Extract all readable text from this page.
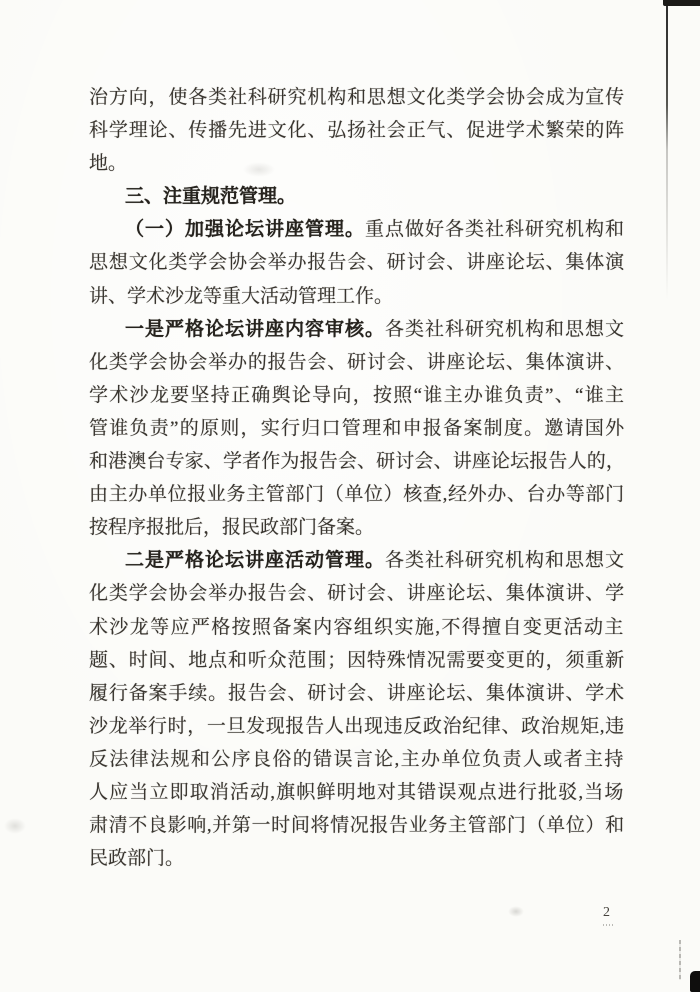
治方向，使各类社科研究机构和思想文化类学会协会成为宣传
科学理论、传播先进文化、弘扬社会正气、促进学术繁荣的阵
地。
三、注重规范管理。
（一）加强论坛讲座管理。重点做好各类社科研究机构和
思想文化类学会协会举办报告会、研讨会、讲座论坛、集体演
讲、学术沙龙等重大活动管理工作。
一是严格论坛讲座内容审核。各类社科研究机构和思想文
化类学会协会举办的报告会、研讨会、讲座论坛、集体演讲、
学术沙龙要坚持正确舆论导向，按照“谁主办谁负责”、“谁主
管谁负责”的原则，实行归口管理和申报备案制度。邀请国外
和港澳台专家、学者作为报告会、研讨会、讲座论坛报告人的，
由主办单位报业务主管部门（单位）核查,经外办、台办等部门
按程序报批后，报民政部门备案。
二是严格论坛讲座活动管理。各类社科研究机构和思想文
化类学会协会举办报告会、研讨会、讲座论坛、集体演讲、学
术沙龙等应严格按照备案内容组织实施,不得擅自变更活动主
题、时间、地点和听众范围；因特殊情况需要变更的，须重新
履行备案手续。报告会、研讨会、讲座论坛、集体演讲、学术
沙龙举行时，一旦发现报告人出现违反政治纪律、政治规矩,违
反法律法规和公序良俗的错误言论,主办单位负责人或者主持
人应当立即取消活动,旗帜鲜明地对其错误观点进行批驳,当场
肃清不良影响,并第一时间将情况报告业务主管部门（单位）和
民政部门。
2
